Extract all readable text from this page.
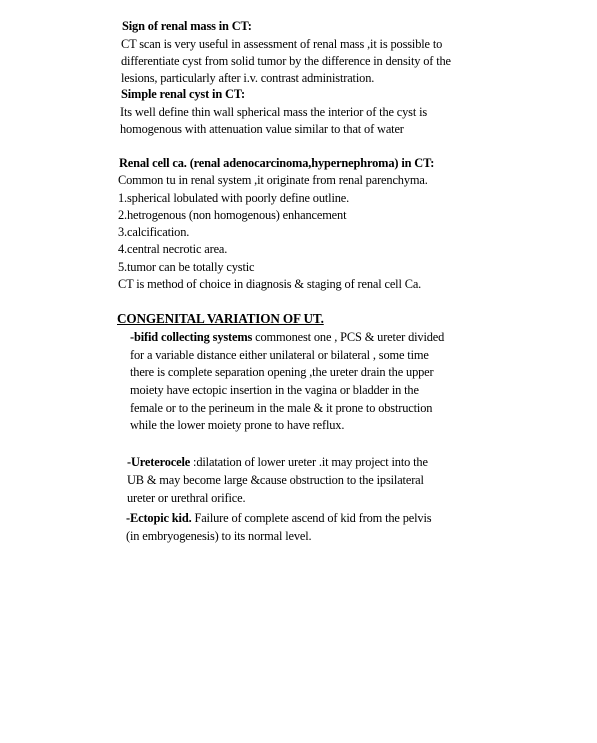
Sign of renal mass in CT:
CT scan is very useful in assessment of renal mass ,it is possible to
differentiate cyst from solid tumor by the difference in density of the
lesions, particularly after i.v. contrast administration.
Simple renal cyst in CT:
Its well define thin wall spherical mass the interior of the cyst is
homogenous with attenuation value similar to that of water
Renal cell ca. (renal adenocarcinoma,hypernephroma) in CT:
Common tu in renal system ,it originate from renal parenchyma.
1.spherical lobulated with poorly define outline.
2.hetrogenous (non homogenous) enhancement
3.calcification.
4.central necrotic area.
5.tumor can be totally cystic
CT is method of choice in diagnosis & staging of renal cell Ca.
CONGENITAL VARIATION OF UT.
-bifid collecting systems commonest one , PCS & ureter divided
for a variable distance either unilateral or bilateral , some time
there is complete separation opening ,the ureter drain the upper
moiety have ectopic insertion in the vagina or bladder in the
female or to the perineum in the male & it prone to obstruction
while the lower moiety prone to have reflux.
-Ureterocele :dilatation of lower ureter .it may project into the
UB & may become large &cause obstruction to the ipsilateral
ureter or urethral orifice.
-Ectopic kid. Failure of complete ascend of kid from the pelvis
(in embryogenesis) to its normal level.
